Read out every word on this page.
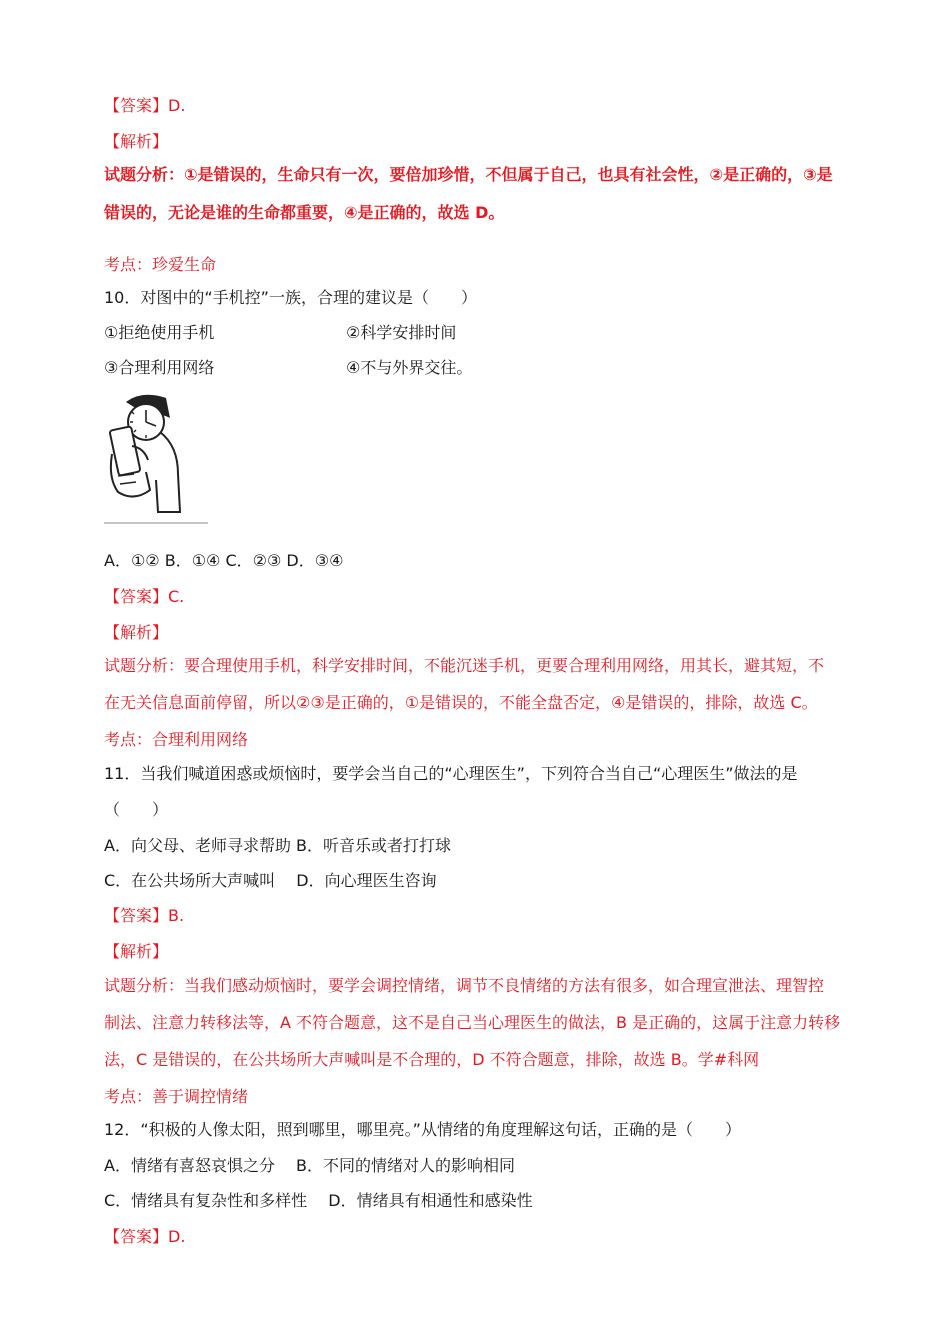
【答案】D.
【解析】
试题分析：①是错误的，生命只有一次，要倍加珍惜，不但属于自己，也具有社会性，②是正确的，③是
错误的，无论是谁的生命都重要，④是正确的，故选 D。
考点：珍爱生命
10．对图中的“手机控”一族，合理的建议是（　　）
①拒绝使用手机	②科学安排时间
③合理利用网络	④不与外界交往。
A．①② B．①④ C．②③ D．③④
【答案】C.
【解析】
试题分析：要合理使用手机，科学安排时间，不能沉迷手机，更要合理利用网络，用其长，避其短，不
在无关信息面前停留，所以②③是正确的，①是错误的，不能全盘否定，④是错误的，排除，故选 C。
考点：合理利用网络
11．当我们喊道困惑或烦恼时，要学会当自己的“心理医生”，下列符合当自己“心理医生”做法的是
（　　）
A．向父母、老师寻求帮助 B．听音乐或者打打球
C．在公共场所大声喊叫　 D．向心理医生咨询
【答案】B.
【解析】
试题分析：当我们感动烦恼时，要学会调控情绪，调节不良情绪的方法有很多，如合理宣泄法、理智控
制法、注意力转移法等，A 不符合题意，这不是自己当心理医生的做法，B 是正确的，这属于注意力转移
法，C 是错误的，在公共场所大声喊叫是不合理的，D 不符合题意，排除，故选 B。学#科网
考点：善于调控情绪
12．“积极的人像太阳，照到哪里，哪里亮。”从情绪的角度理解这句话，正确的是（　　）
A．情绪有喜怒哀惧之分　 B．不同的情绪对人的影响相同
C．情绪具有复杂性和多样性　 D．情绪具有相通性和感染性
【答案】D.
